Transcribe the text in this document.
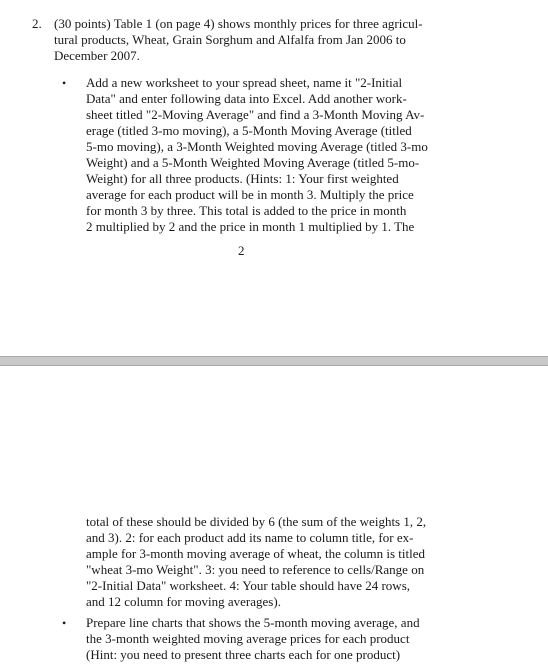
2. (30 points) Table 1 (on page 4) shows monthly prices for three agricul-
tural products, Wheat, Grain Sorghum and Alfalfa from Jan 2006 to
December 2007.
• Add a new worksheet to your spread sheet, name it "2-Initial
Data" and enter following data into Excel. Add another work-
sheet titled "2-Moving Average" and find a 3-Month Moving Av-
erage (titled 3-mo moving), a 5-Month Moving Average (titled
5-mo moving), a 3-Month Weighted moving Average (titled 3-mo
Weight) and a 5-Month Weighted Moving Average (titled 5-mo-
Weight) for all three products. (Hints: 1: Your first weighted
average for each product will be in month 3. Multiply the price
for month 3 by three. This total is added to the price in month
2 multiplied by 2 and the price in month 1 multiplied by 1. The
2
total of these should be divided by 6 (the sum of the weights 1, 2,
and 3). 2: for each product add its name to column title, for ex-
ample for 3-month moving average of wheat, the column is titled
"wheat 3-mo Weight". 3: you need to reference to cells/Range on
"2-Initial Data" worksheet. 4: Your table should have 24 rows,
and 12 column for moving averages).
• Prepare line charts that shows the 5-month moving average, and
the 3-month weighted moving average prices for each product
(Hint: you need to present three charts each for one product)
